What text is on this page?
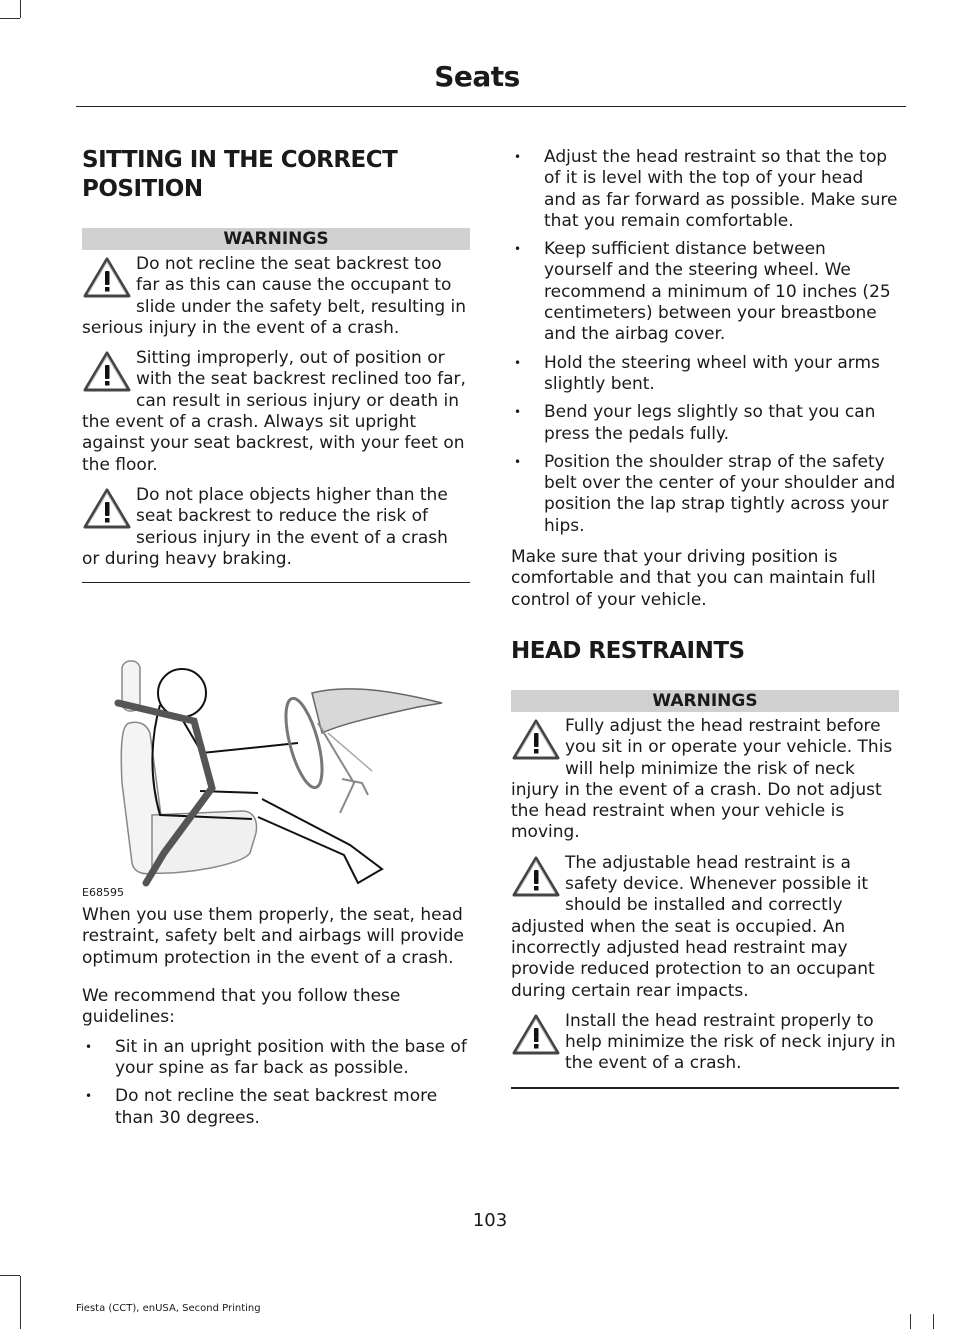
Seats
SITTING IN THE CORRECT POSITION
WARNINGS
Do not recline the seat backrest too far as this can cause the occupant to slide under the safety belt, resulting in serious injury in the event of a crash.
Sitting improperly, out of position or with the seat backrest reclined too far, can result in serious injury or death in the event of a crash. Always sit upright against your seat backrest, with your feet on the floor.
Do not place objects higher than the seat backrest to reduce the risk of serious injury in the event of a crash or during heavy braking.
E68595

When you use them properly, the seat, head restraint, safety belt and airbags will provide optimum protection in the event of a crash.

We recommend that you follow these guidelines:

• Sit in an upright position with the base of your spine as far back as possible.
• Do not recline the seat backrest more than 30 degrees.
• Adjust the head restraint so that the top of it is level with the top of your head and as far forward as possible. Make sure that you remain comfortable.
• Keep sufficient distance between yourself and the steering wheel. We recommend a minimum of 10 inches (25 centimeters) between your breastbone and the airbag cover.
• Hold the steering wheel with your arms slightly bent.
• Bend your legs slightly so that you can press the pedals fully.
• Position the shoulder strap of the safety belt over the center of your shoulder and position the lap strap tightly across your hips.

Make sure that your driving position is comfortable and that you can maintain full control of your vehicle.

HEAD RESTRAINTS
WARNINGS
Fully adjust the head restraint before you sit in or operate your vehicle. This will help minimize the risk of neck injury in the event of a crash. Do not adjust the head restraint when your vehicle is moving.
The adjustable head restraint is a safety device. Whenever possible it should be installed and correctly adjusted when the seat is occupied. An incorrectly adjusted head restraint may provide reduced protection to an occupant during certain rear impacts.
Install the head restraint properly to help minimize the risk of neck injury in the event of a crash.
103
Fiesta (CCT), enUSA, Second Printing
